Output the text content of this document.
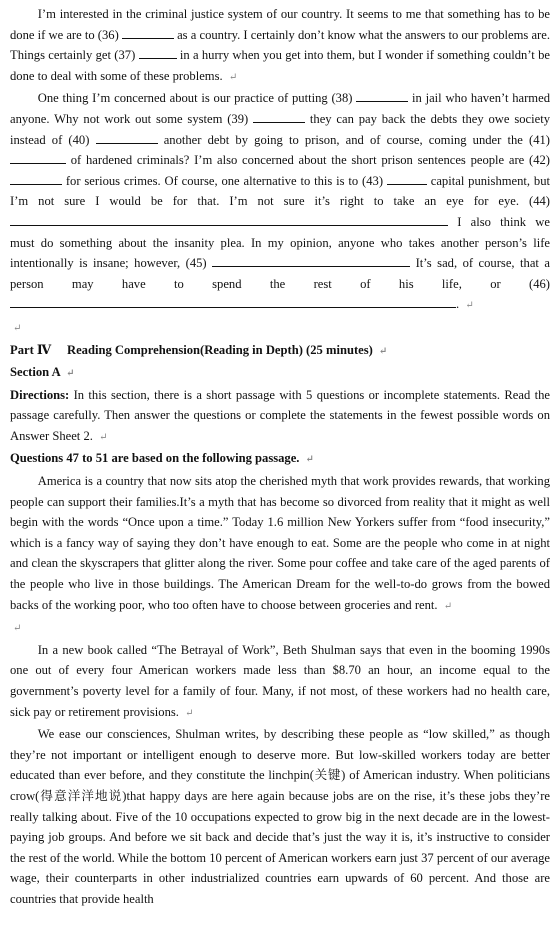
I’m interested in the criminal justice system of our country. It seems to me that something has to be done if we are to (36)	as a country. I certainly don’t know what the answers to our problems are. Things certainly get (37)	in a hurry when you get into them, but I wonder if something couldn’t be done to deal with some of these problems. ↵

One thing I’m concerned about is our practice of putting (38)	in jail who haven’t harmed anyone. Why not work out some system (39)	they can pay back the debts they owe society instead of (40)	another debt by going to prison, and of course, coming under the (41)  of hardened criminals? I’m also concerned about the short prison sentences people are (42)  for serious crimes. Of course, one alternative to this is to (43)	capital punishment, but I’m not sure I would be for that. I’m not sure it’s right to take an eye for eye. (44)  I also think we must do something about the insanity plea. In my opinion, anyone who takes another person’s life intentionally is insane; however, (45)	It’s sad, of course, that a person may have to spend the rest of his life, or (46) . ↵

↵

Part Ⅳ Reading Comprehension(Reading in Depth) (25 minutes) ↵

Section A ↵

Directions: In this section, there is a short passage with 5 questions or incomplete statements. Read the passage carefully. Then answer the questions or complete the statements in the fewest possible words on Answer Sheet 2. ↵

Questions 47 to 51 are based on the following passage. ↵

America is a country that now sits atop the cherished myth that work provides rewards, that working people can support their families.It’s a myth that has become so divorced from reality that it might as well begin with the words “Once upon a time.” Today 1.6 million New Yorkers suffer from “food insecurity,” which is a fancy way of saying they don’t have enough to eat. Some are the people who come in at night and clean the skyscrapers that glitter along the river. Some pour coffee and take care of the aged parents of the people who live in those buildings. The American Dream for the well-to-do grows from the bowed backs of the working poor, who too often have to choose between groceries and rent. ↵

↵

In a new book called “The Betrayal of Work”, Beth Shulman says that even in the booming 1990s one out of every four American workers made less than $8.70 an hour, an income equal to the government’s poverty level for a family of four. Many, if not most, of these workers had no health care, sick pay or retirement provisions. ↵

We ease our consciences, Shulman writes, by describing these people as “low skilled,” as though they’re not important or intelligent enough to deserve more. But low-skilled workers today are better educated than ever before, and they constitute the linchpin(关键) of American industry. When politicians crow(得意洋洋地说)that happy days are here again because jobs are on the rise, it’s these jobs they’re really talking about. Five of the 10 occupations expected to grow big in the next decade are in the lowest-paying job groups. And before we sit back and decide that’s just the way it is, it’s instructive to consider the rest of the world. While the bottom 10 percent of American workers earn just 37 percent of our average wage, their counterparts in other industrialized countries earn upwards of 60 percent. And those are countries that provide health
